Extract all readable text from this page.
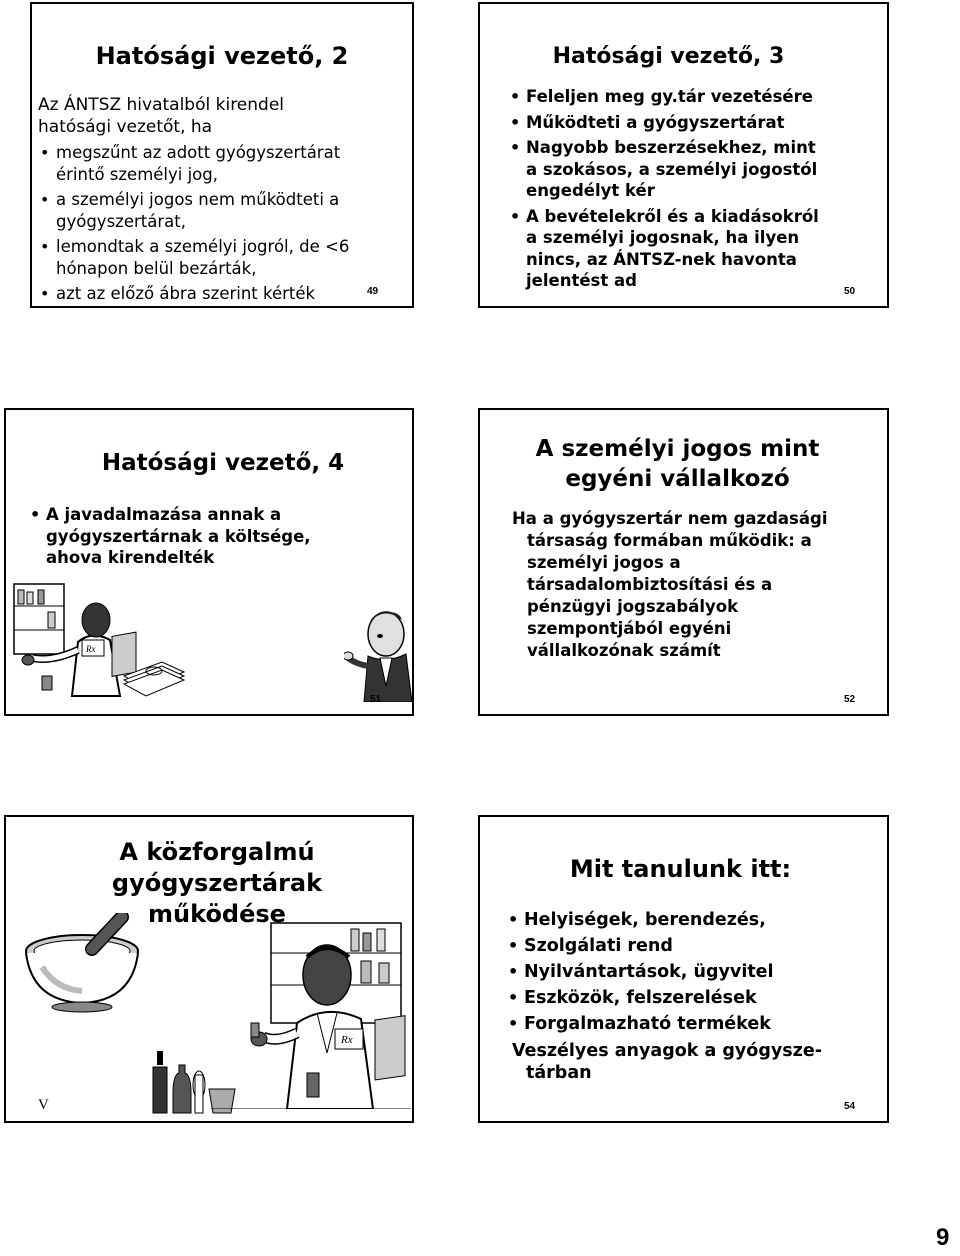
Hatósági vezető, 2
Az ÁNTSZ hivatalból kirendel
hatósági vezetőt, ha
• megszűnt az adott gyógyszertárat
érintő személyi jog,
• a személyi jogos nem működteti a
gyógyszertárat,
• lemondtak a személyi jogról, de <6
hónapon belül bezárták,
• azt az előző ábra szerint kérték	49
Hatósági vezető, 3
• Feleljen meg gy.tár vezetésére
• Működteti a gyógyszertárat
• Nagyobb beszerzésekhez, mint
a szokásos, a személyi jogostól
engedélyt kér
• A bevételekről és a kiadásokról
a személyi jogosnak, ha ilyen
nincs, az ÁNTSZ-nek havonta
jelentést ad
50
Hatósági vezető, 4
• A javadalmazása annak a
gyógyszertárnak a költsége,
ahova kirendelték
Rx
51
A személyi jogos mint
egyéni vállalkozó
Ha a gyógyszertár nem gazdasági
társaság formában működik: a
személyi jogos a
társadalombiztosítási és a
pénzügyi jogszabályok
szempontjából egyéni
vállalkozónak számít
52
A közforgalmú
gyógyszertárak
működése
Rx
V
Mit tanulunk itt:
• Helyiségek, berendezés,
• Szolgálati rend
• Nyilvántartások, ügyvitel
• Eszközök, felszerelések
• Forgalmazható termékek
Veszélyes anyagok a gyógysze-
tárban
54
9
